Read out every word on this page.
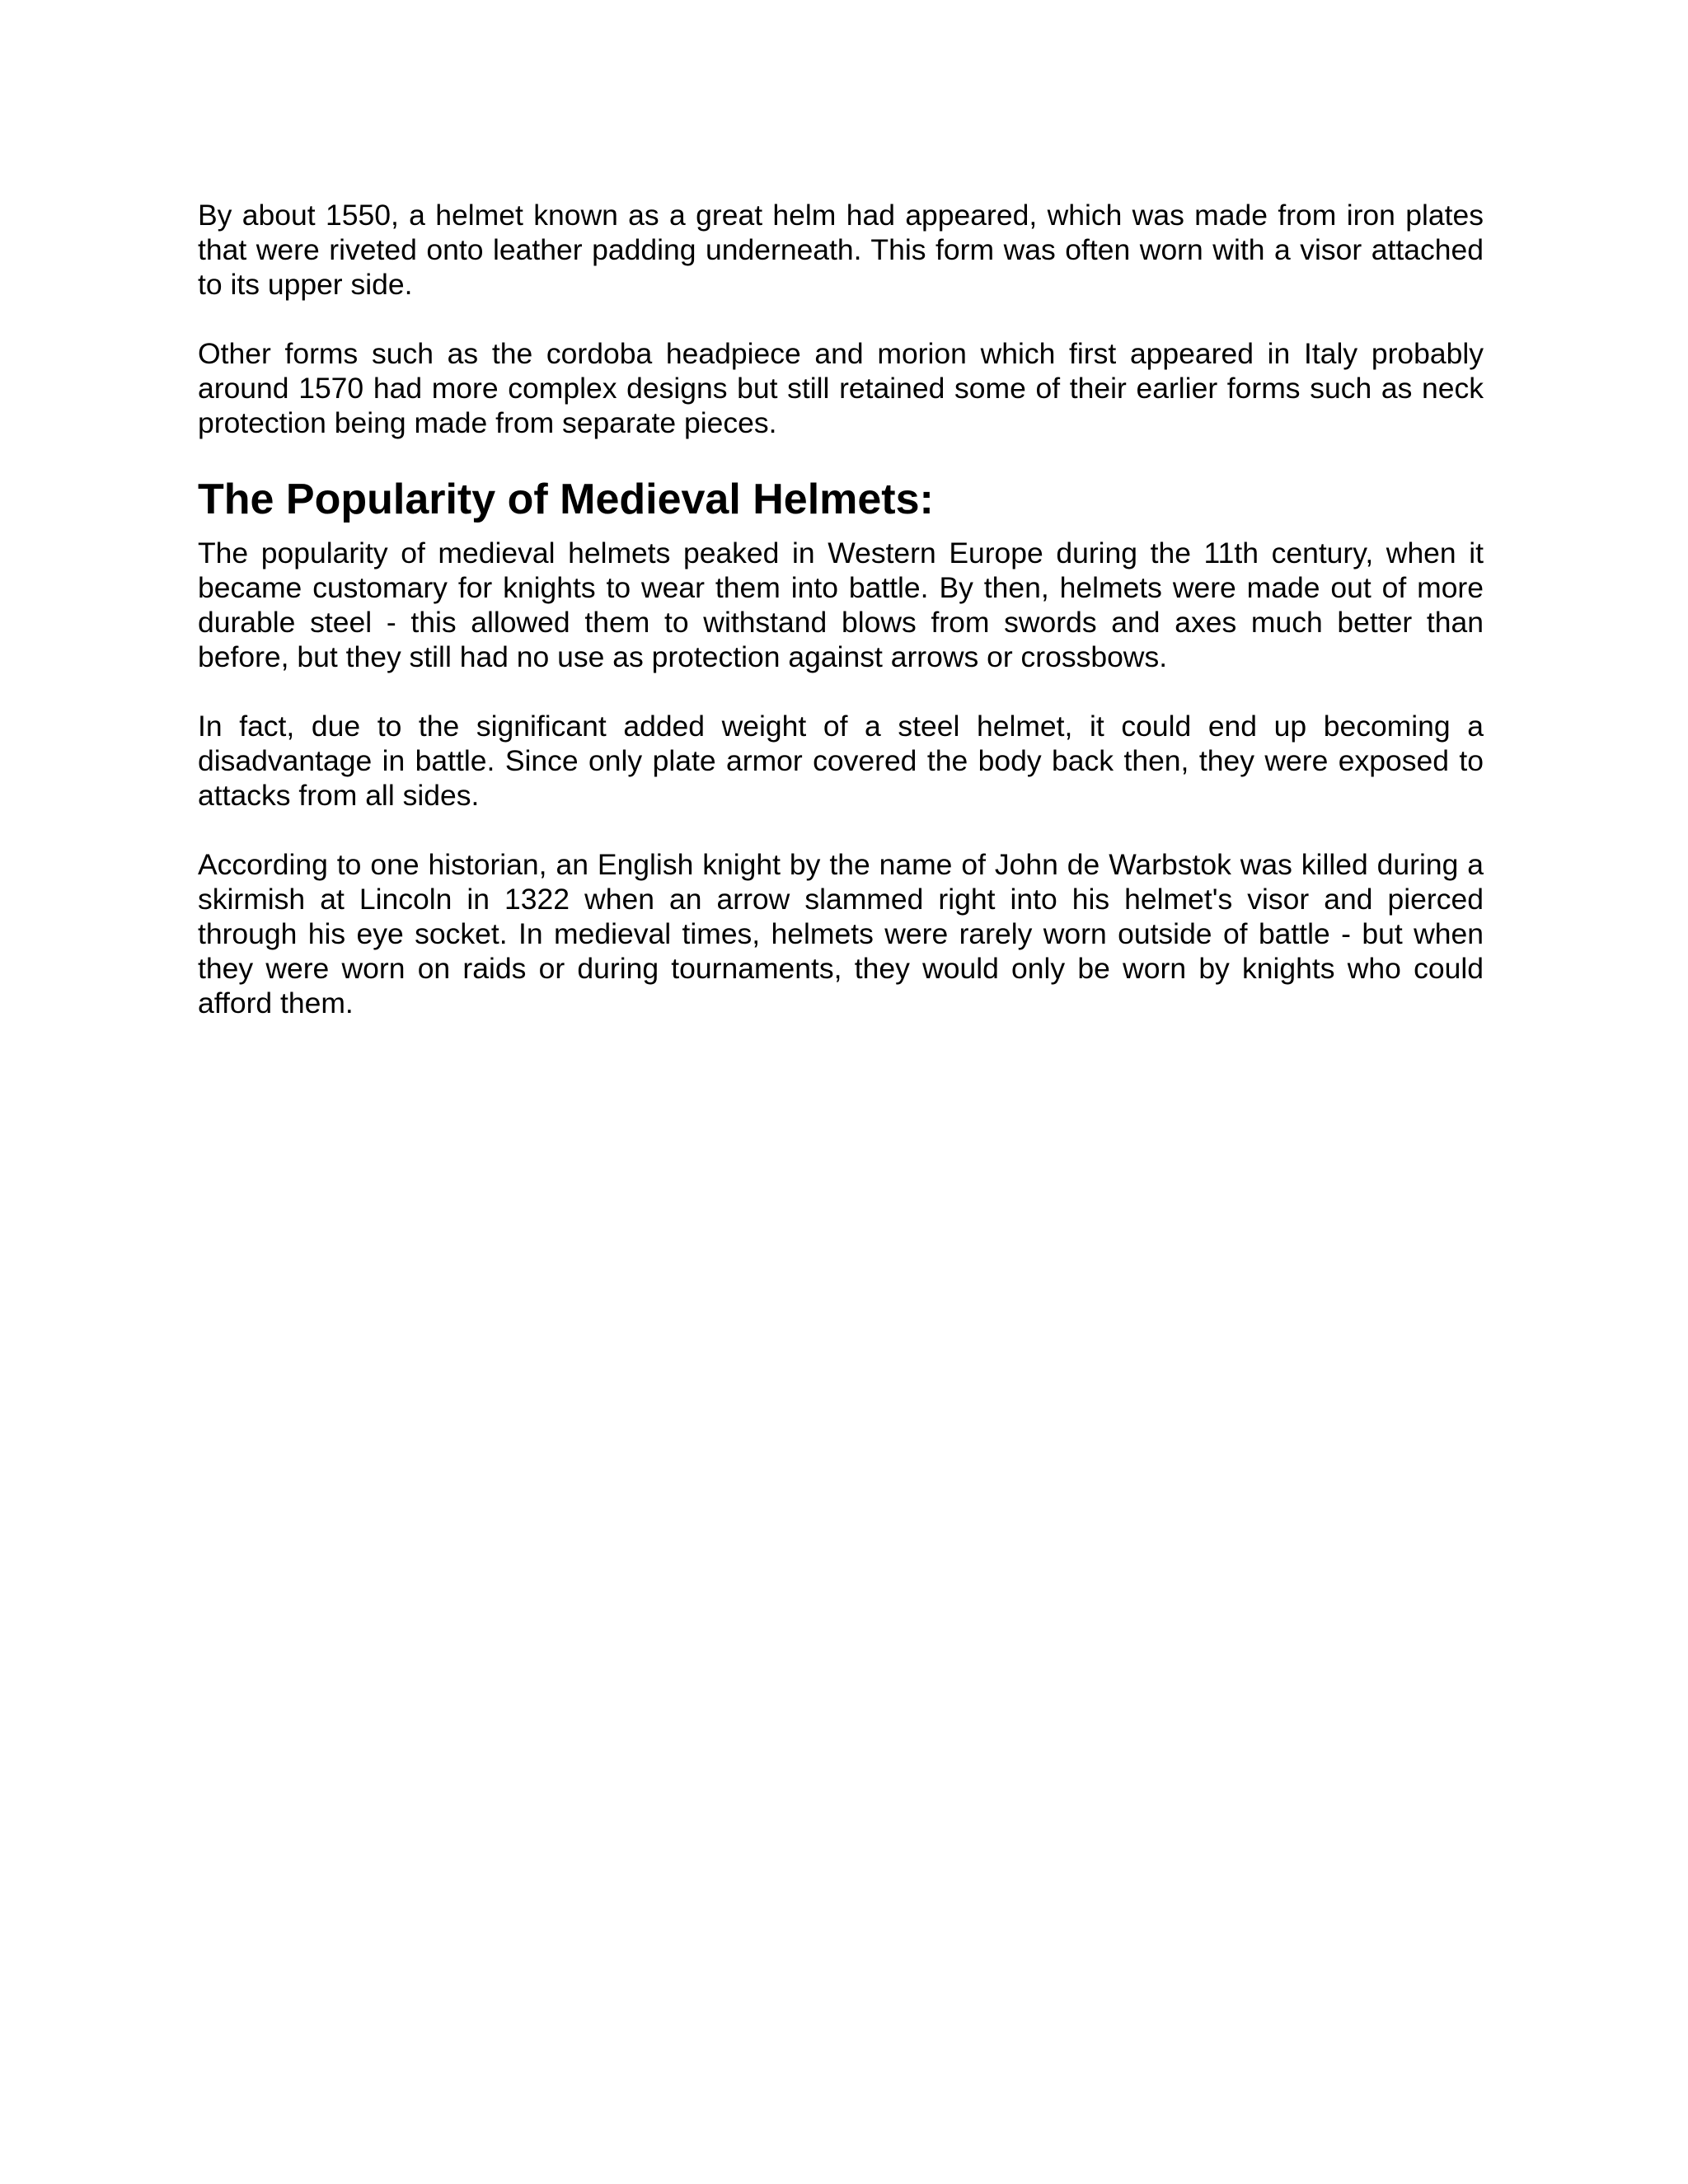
By about 1550, a helmet known as a great helm had appeared, which was made from iron plates that were riveted onto leather padding underneath. This form was often worn with a visor attached to its upper side.

Other forms such as the cordoba headpiece and morion which first appeared in Italy probably around 1570 had more complex designs but still retained some of their earlier forms such as neck protection being made from separate pieces.

The Popularity of Medieval Helmets:

The popularity of medieval helmets peaked in Western Europe during the 11th century, when it became customary for knights to wear them into battle. By then, helmets were made out of more durable steel - this allowed them to withstand blows from swords and axes much better than before, but they still had no use as protection against arrows or crossbows.

In fact, due to the significant added weight of a steel helmet, it could end up becoming a disadvantage in battle. Since only plate armor covered the body back then, they were exposed to attacks from all sides.

According to one historian, an English knight by the name of John de Warbstok was killed during a skirmish at Lincoln in 1322 when an arrow slammed right into his helmet's visor and pierced through his eye socket. In medieval times, helmets were rarely worn outside of battle - but when they were worn on raids or during tournaments, they would only be worn by knights who could afford them.
